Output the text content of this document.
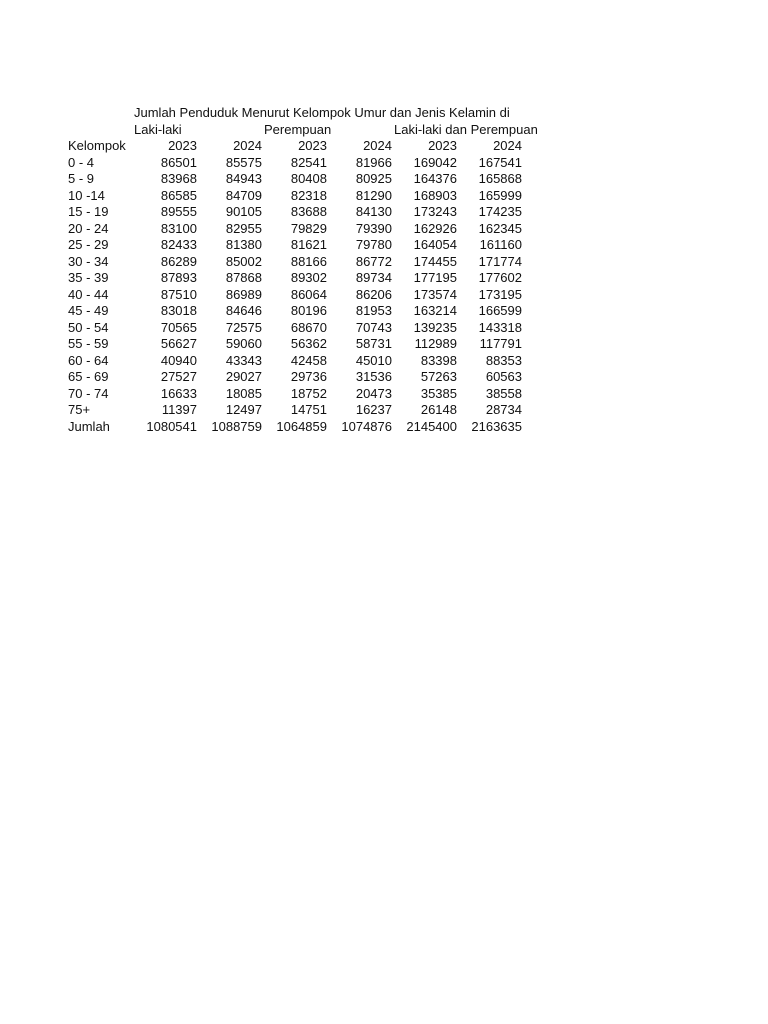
Jumlah Penduduk Menurut Kelompok Umur dan Jenis Kelamin di
Laki-laki	Perempuan	Laki-laki dan Perempuan
Kelompok	2023	2024	2023	2024	2023	2024
0 - 4	86501	85575	82541	81966	169042	167541
5 - 9	83968	84943	80408	80925	164376	165868
10 -14	86585	84709	82318	81290	168903	165999
15 - 19	89555	90105	83688	84130	173243	174235
20 - 24	83100	82955	79829	79390	162926	162345
25 - 29	82433	81380	81621	79780	164054	161160
30 - 34	86289	85002	88166	86772	174455	171774
35 - 39	87893	87868	89302	89734	177195	177602
40 - 44	87510	86989	86064	86206	173574	173195
45 - 49	83018	84646	80196	81953	163214	166599
50 - 54	70565	72575	68670	70743	139235	143318
55 - 59	56627	59060	56362	58731	112989	117791
60 - 64	40940	43343	42458	45010	83398	88353
65 - 69	27527	29027	29736	31536	57263	60563
70 - 74	16633	18085	18752	20473	35385	38558
75+	11397	12497	14751	16237	26148	28734
Jumlah	1080541	1088759	1064859	1074876	2145400	2163635
